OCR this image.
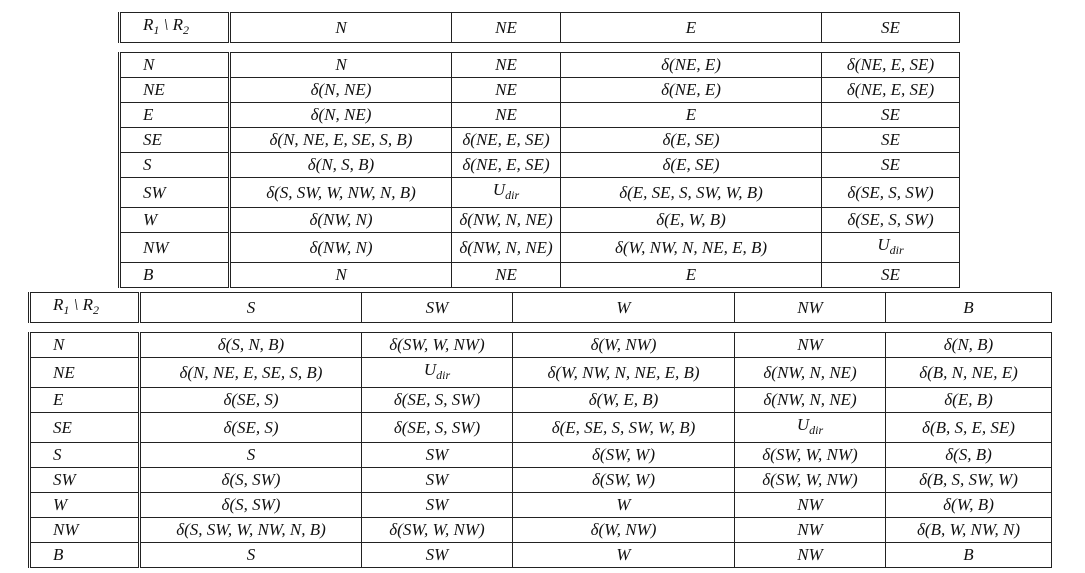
$R_1$ \ $R_2$	N	NE	E	SE
N	N	NE	δ(NE, E)	δ(NE, E, SE)
NE	δ(N, NE)	NE	δ(NE, E)	δ(NE, E, SE)
E	δ(N, NE)	NE	E	SE
SE	δ(N, NE, E, SE, S, B)	δ(NE, E, SE)	δ(E, SE)	SE
S	δ(N, S, B)	δ(NE, E, SE)	δ(E, SE)	SE
SW	δ(S, SW, W, NW, N, B)	$U_{dir}$	δ(E, SE, S, SW, W, B)	δ(SE, S, SW)
W	δ(NW, N)	δ(NW, N, NE)	δ(E, W, B)	δ(SE, S, SW)
NW	δ(NW, N)	δ(NW, N, NE)	δ(W, NW, N, NE, E, B)	$U_{dir}$
B	N	NE	E	SE
$R_1$ \ $R_2$	S	SW	W	NW	B
N	δ(S, N, B)	δ(SW, W, NW)	δ(W, NW)	NW	δ(N, B)
NE	δ(N, NE, E, SE, S, B)	$U_{dir}$	δ(W, NW, N, NE, E, B)	δ(NW, N, NE)	δ(B, N, NE, E)
E	δ(SE, S)	δ(SE, S, SW)	δ(W, E, B)	δ(NW, N, NE)	δ(E, B)
SE	δ(SE, S)	δ(SE, S, SW)	δ(E, SE, S, SW, W, B)	$U_{dir}$	δ(B, S, E, SE)
S	S	SW	δ(SW, W)	δ(SW, W, NW)	δ(S, B)
SW	δ(S, SW)	SW	δ(SW, W)	δ(SW, W, NW)	δ(B, S, SW, W)
W	δ(S, SW)	SW	W	NW	δ(W, B)
NW	δ(S, SW, W, NW, N, B)	δ(SW, W, NW)	δ(W, NW)	NW	δ(B, W, NW, N)
B	S	SW	W	NW	B
